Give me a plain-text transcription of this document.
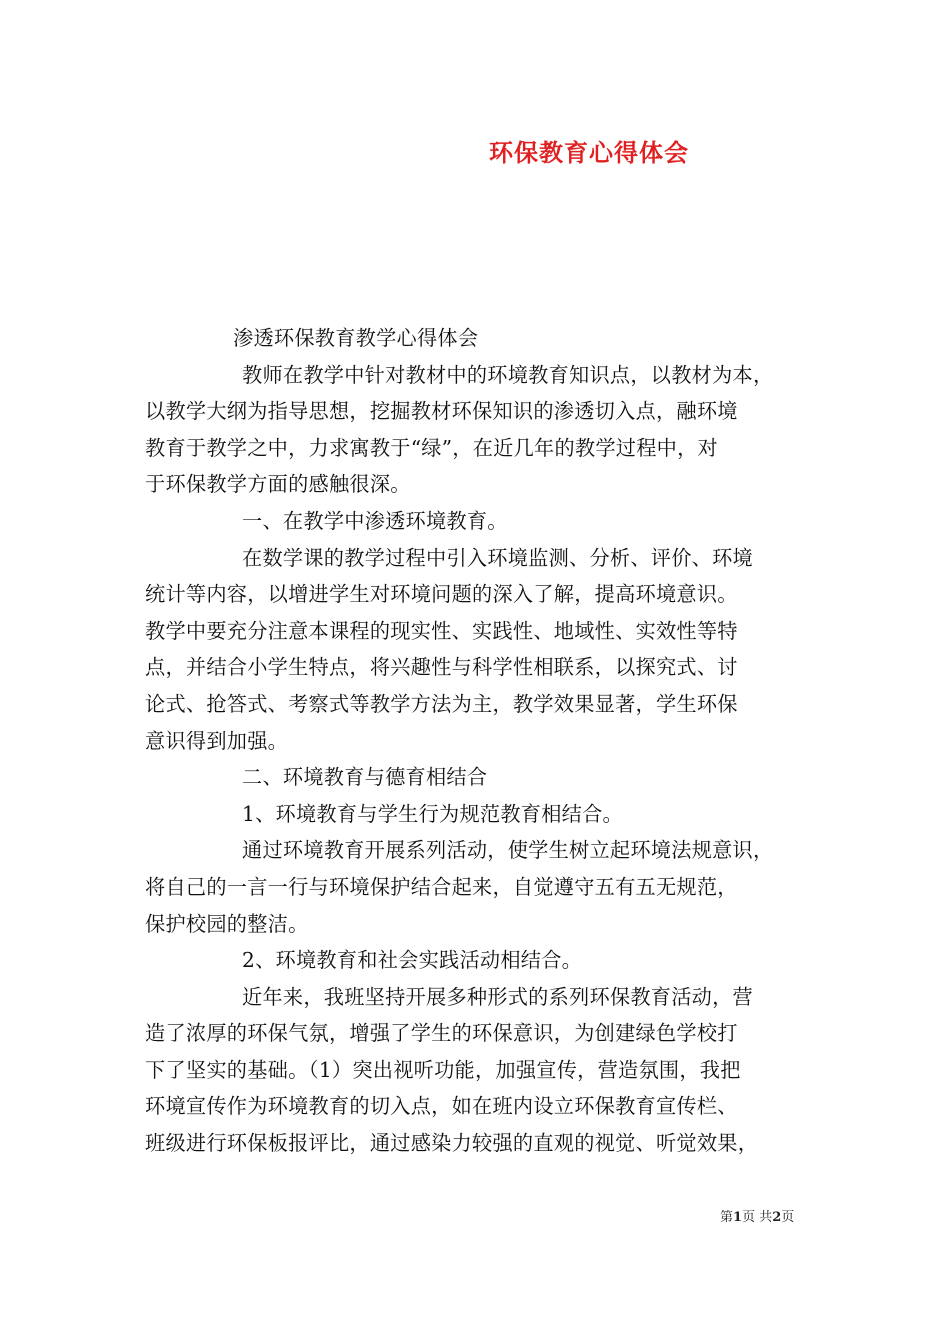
环保教育心得体会
渗透环保教育教学心得体会
教师在教学中针对教材中的环境教育知识点，以教材为本，
以教学大纲为指导思想，挖掘教材环保知识的渗透切入点，融环境
教育于教学之中，力求寓教于“绿”，在近几年的教学过程中，对
于环保教学方面的感触很深。
一、在教学中渗透环境教育。
在数学课的教学过程中引入环境监测、分析、评价、环境
统计等内容，以增进学生对环境问题的深入了解，提高环境意识。
教学中要充分注意本课程的现实性、实践性、地域性、实效性等特
点，并结合小学生特点，将兴趣性与科学性相联系，以探究式、讨
论式、抢答式、考察式等教学方法为主，教学效果显著，学生环保
意识得到加强。
二、环境教育与德育相结合
1、环境教育与学生行为规范教育相结合。
通过环境教育开展系列活动，使学生树立起环境法规意识，
将自己的一言一行与环境保护结合起来，自觉遵守五有五无规范，
保护校园的整洁。
2、环境教育和社会实践活动相结合。
近年来，我班坚持开展多种形式的系列环保教育活动，营
造了浓厚的环保气氛，增强了学生的环保意识，为创建绿色学校打
下了坚实的基础。（1）突出视听功能，加强宣传，营造氛围，我把
环境宣传作为环境教育的切入点，如在班内设立环保教育宣传栏、
班级进行环保板报评比，通过感染力较强的直观的视觉、听觉效果，
第1页 共2页
